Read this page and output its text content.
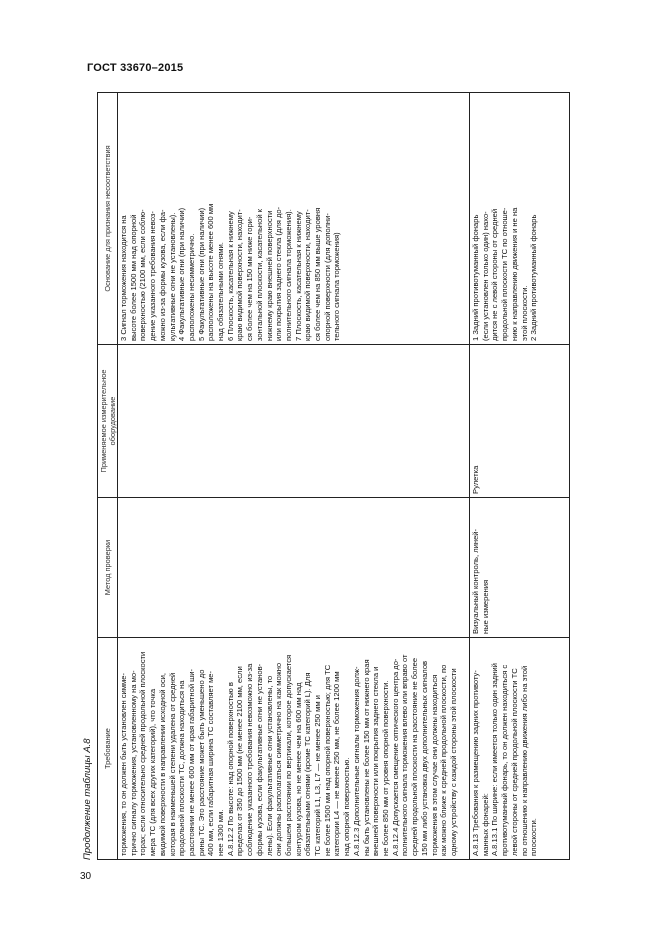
ГОСТ 33670–2015
Продолжение таблицы А.8
30
Требование
Метод проверки
Применяемое измерительное оборудование
Основание для признания несоответствия
торможения, то он должен быть установлен симме- трично сигналу торможения, установленному на мо- торах; если относительно средней продольной плоскости мера ТС (для всех других категорий), что точка видимой поверхности в направлении исходной оси, которая в наименьшей степени удалена от средней продольной плоскости ТС, должна находиться на расстоянии не менее 600 мм от края габаритной ши- рины ТС. Это расстояние может быть уменьшено до 400 мм, если габаритная ширина ТС составляет ме- нее 1300 мм. А.8.12.2 По высоте: над опорной поверхностью в пределах от 350 до 1500 мм (не менее 2100 мм, если соблюдение указанного требования невозможно из-за формы кузова, если факультативные огни не установ- лены). Если факультативные огни установлены, то они должны располагаться симметрично на как можно большем расстоянии по вертикали, которое допускается контуром кузова, но не менее чем на 600 мм над обязательными огнями (кроме ТС категорий L). Для ТС категорий L1, L3, L7 — не менее 250 мм и не более 1500 мм над опорной поверхностью; для ТС категории L4 — не менее 250 мм, не более 1200 мм над опорной поверхностью. А.8.12.3 Дополнительные сигналы торможения долж- ны быть установлены не более 150 мм от нижнего края внешней поверхности или покрытия заднего стекла и не более 850 мм от уровня опорной поверхности. А.8.12.4 Допускается смещение оптического центра до- полнительного сигнала торможения влево или вправо от средней продольной плоскости на расстояние не более 150 мм либо установка двух дополнительных сигналов торможения в этом случае они должны находиться как можно ближе к средней продольной плоскости, по одному устройству с каждой стороны этой плоскости
3 Сигнал торможения находится на высоте более 1500 мм над опорной поверхностью (2100 мм, если соблю- дение указанного требования невоз- можно из-за формы кузова, если фа- культативные огни не установлены). 4 Факультативные огни (при наличии) расположены несимметрично. 5 Факультативные огни (при наличии) расположены на высоте менее 600 мм над обязательными огнями. 6 Плоскость, касательная к нижнему краю видимой поверхности, находит- ся более чем на 150 мм ниже гори- зонтальной плоскости, касательной к нижнему краю внешней поверхности или покрытия заднего стекла (для до- полнительного сигнала торможения). 7 Плоскость, касательная к нижнему краю видимой поверхности, находит- ся более чем на 850 мм выше уровня опорной поверхности (для дополни- тельного сигнала торможения)
А.8.13 Требования к размещению задних противоту- манных фонарей: А.8.13.1 По ширине: если имеется только один задний противотуманный фонарь, то он должен находиться с левой стороны от средней продольной плоскости ТС по отношению к направлению движения либо на этой плоскости.
Визуальный контроль, линей- ные измерения
Рулетка
1 Задний противотуманный фонарь (если установлен только один) нахо- дится не с левой стороны от средней продольной плоскости ТС по отноше- нию к направлению движения и не на этой плоскости. 2 Задний противотуманный фонарь
